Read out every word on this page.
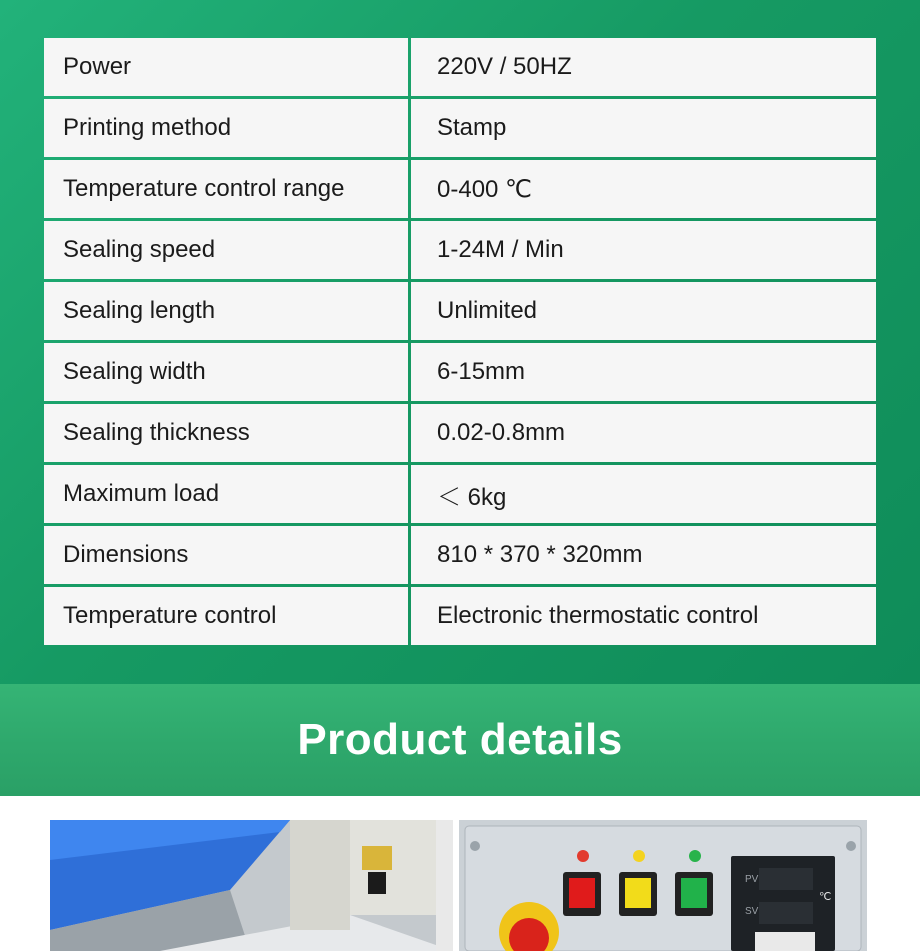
Power	220V / 50HZ
Printing method	Stamp
Temperature control range	0-400 ℃
Sealing speed	1-24M / Min
Sealing length	Unlimited
Sealing width	6-15mm
Sealing thickness	0.02-0.8mm
Maximum load	＜ 6kg
Dimensions	810 * 370 * 320mm
Temperature control	Electronic thermostatic control
Product details
PV
SV
℃
